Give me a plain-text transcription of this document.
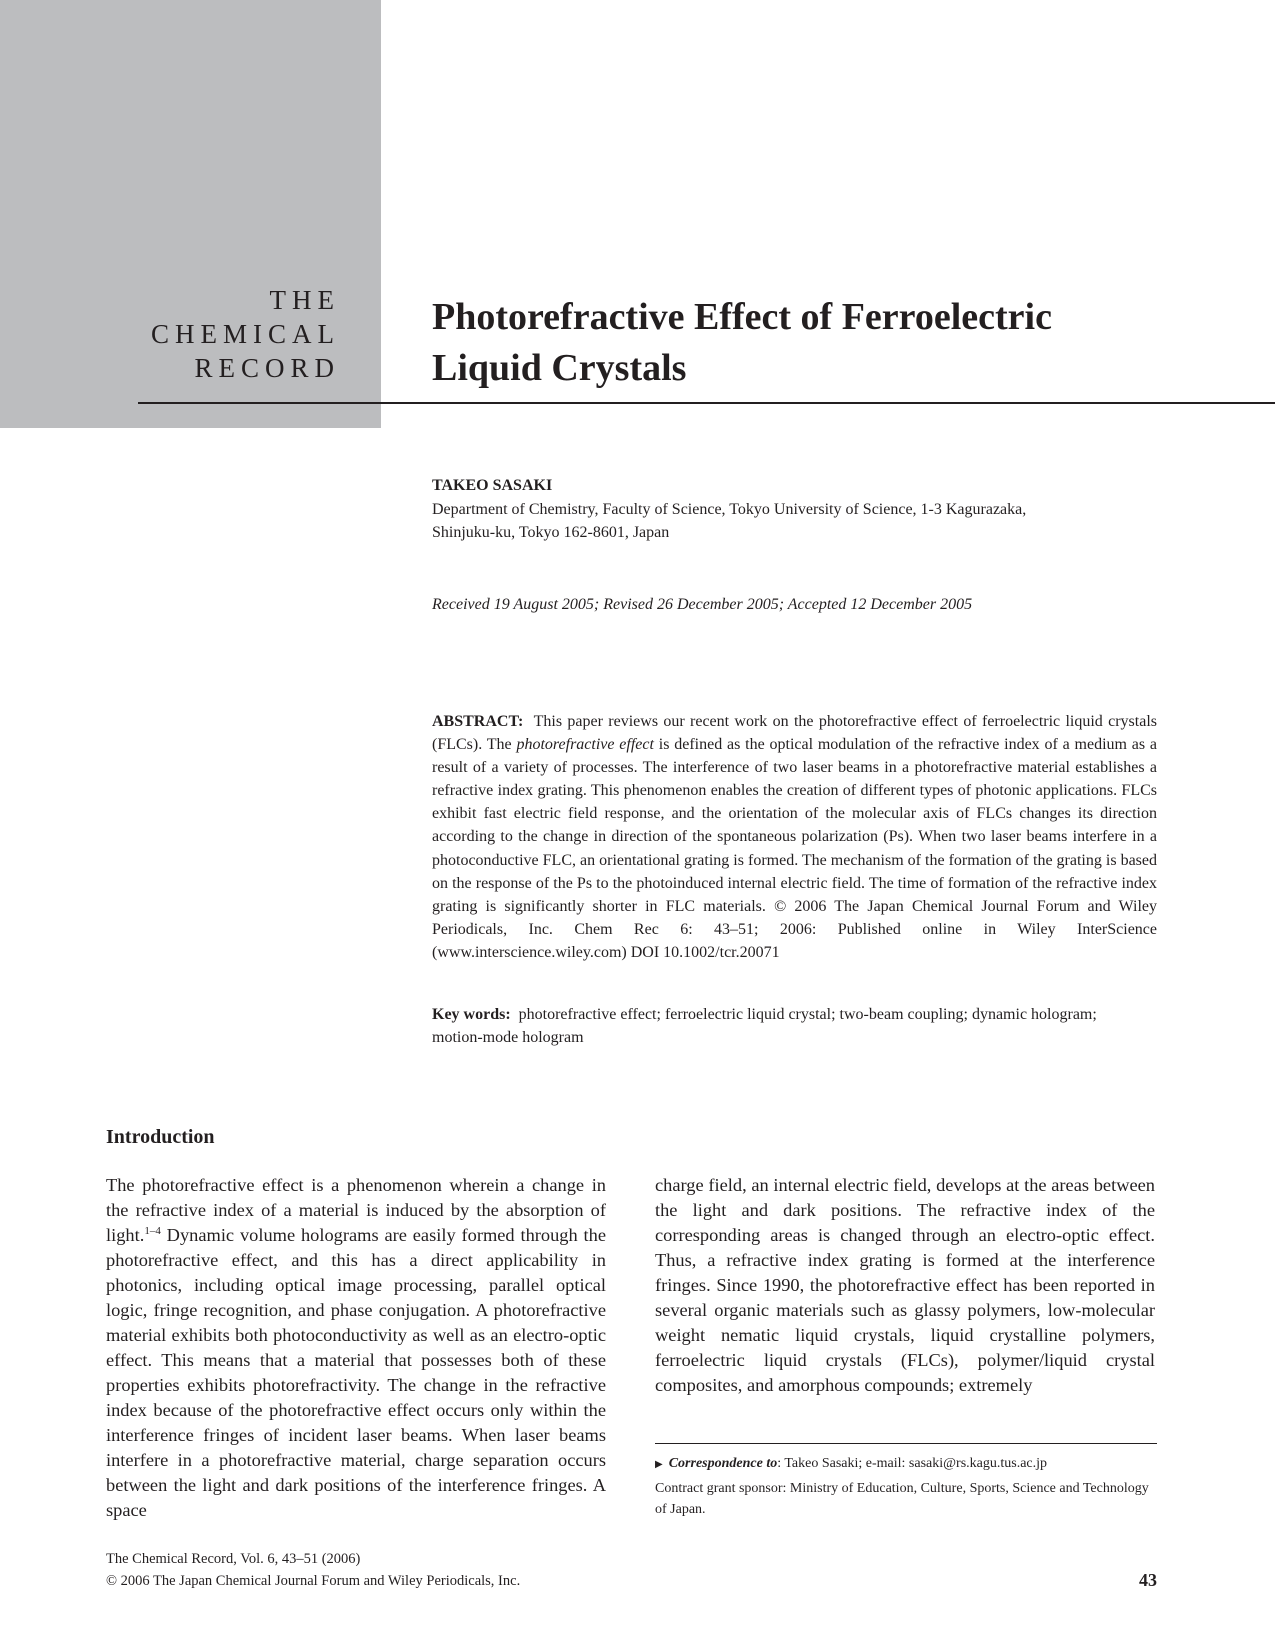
THE
CHEMICAL
RECORD
Photorefractive Effect of Ferroelectric
Liquid Crystals
TAKEO SASAKI
Department of Chemistry, Faculty of Science, Tokyo University of Science, 1-3 Kagurazaka,
Shinjuku-ku, Tokyo 162-8601, Japan
Received 19 August 2005; Revised 26 December 2005; Accepted 12 December 2005

ABSTRACT: This paper reviews our recent work on the photorefractive effect of ferroelectric liquid crystals (FLCs). The photorefractive effect is defined as the optical modulation of the refractive index of a medium as a result of a variety of processes. The interference of two laser beams in a photorefractive material establishes a refractive index grating. This phenomenon enables the creation of different types of photonic applications. FLCs exhibit fast electric field response, and the orientation of the molecular axis of FLCs changes its direction according to the change in direction of the spontaneous polarization (Ps). When two laser beams interfere in a photoconductive FLC, an orientational grating is formed. The mechanism of the formation of the grating is based on the response of the Ps to the photoinduced internal electric field. The time of formation of the refractive index grating is significantly shorter in FLC materials. © 2006 The Japan Chemical Journal Forum and Wiley Periodicals, Inc. Chem Rec 6: 43–51; 2006: Published online in Wiley InterScience (www.interscience.wiley.com) DOI 10.1002/tcr.20071

Key words: photorefractive effect; ferroelectric liquid crystal; two-beam coupling; dynamic hologram; motion-mode hologram

Introduction

The photorefractive effect is a phenomenon wherein a change in the refractive index of a material is induced by the absorption of light.$^{1-4}$ Dynamic volume holograms are easily formed through the photorefractive effect, and this has a direct applicability in photonics, including optical image processing, parallel optical logic, fringe recognition, and phase conjugation. A photorefractive material exhibits both photoconductivity as well as an electro-optic effect. This means that a material that possesses both of these properties exhibits photorefractivity. The change in the refractive index because of the photorefractive effect occurs only within the interference fringes of incident laser beams. When laser beams interfere in a photorefractive material, charge separation occurs between the light and dark positions of the interference fringes. A space

charge field, an internal electric field, develops at the areas between the light and dark positions. The refractive index of the corresponding areas is changed through an electro-optic effect. Thus, a refractive index grating is formed at the interference fringes. Since 1990, the photorefractive effect has been reported in several organic materials such as glassy polymers, low-molecular weight nematic liquid crystals, liquid crystalline polymers, ferroelectric liquid crystals (FLCs), polymer/liquid crystal composites, and amorphous compounds; extremely

▶ Correspondence to: Takeo Sasaki; e-mail: sasaki@rs.kagu.tus.ac.jp

Contract grant sponsor: Ministry of Education, Culture, Sports, Science and Technology of Japan.

The Chemical Record, Vol. 6, 43–51 (2006)
© 2006 The Japan Chemical Journal Forum and Wiley Periodicals, Inc.	43
